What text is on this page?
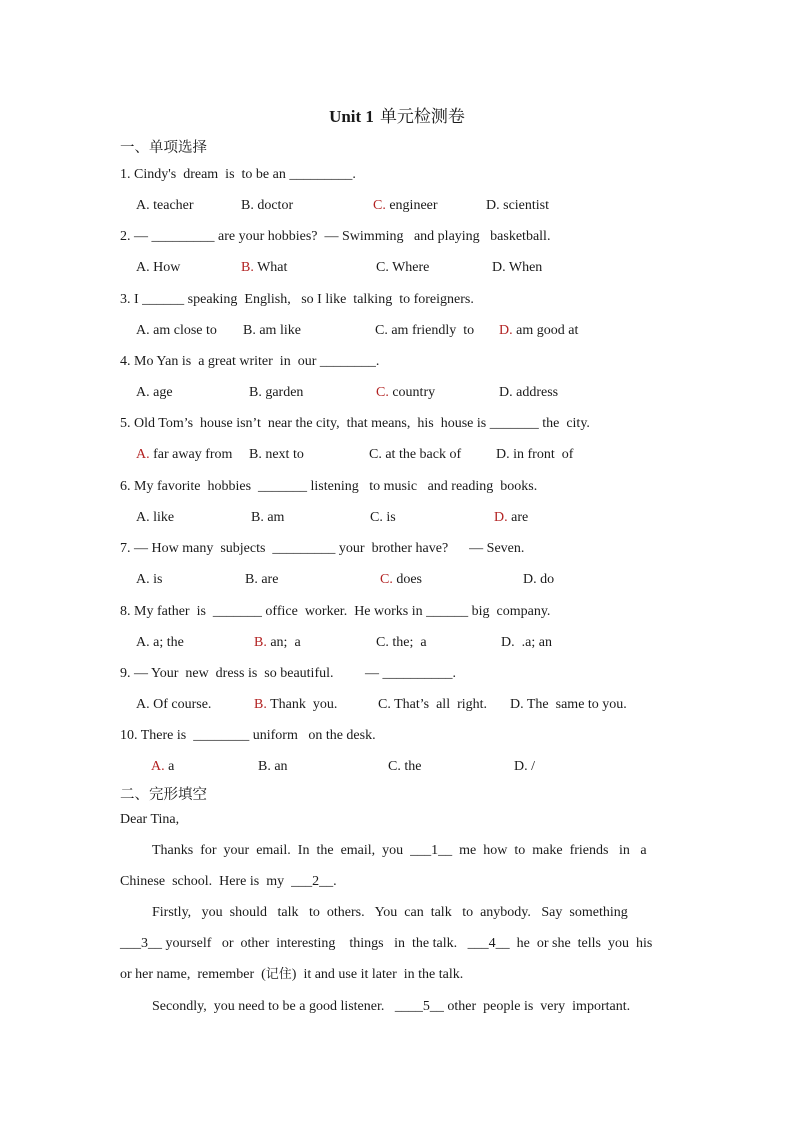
Unit 1 单元检测卷
一、单项选择
1. Cindy's  dream  is  to be an _________.
A. teacher	B. doctor	C. engineer	D. scientist
2. — _________ are your hobbies?  — Swimming   and playing   basketball.
A. How	B. What	C. Where	D. When
3. I ______ speaking  English,   so I like  talking  to foreigners.
A. am close to B. am like	C. am friendly  to D. am good at
4. Mo Yan is  a great writer  in  our ________.
A. age	B. garden	C. country	D. address
5. Old Tom’s  house isn’t  near the city,  that means,  his  house is _______ the  city.
A. far away from B. next to	C. at the back of D. in front  of
6. My favorite  hobbies  _______ listening   to music   and reading  books.
A. like	B. am	C. is	D. are
7. — How many  subjects  _________ your  brother have?      — Seven.
A. is	B. are	C. does	D. do
8. My father  is  _______ office  worker.  He works in ______ big  company.
A. a; the	B. an;  a	C. the;  a	D.  .a; an
9. — Your  new  dress is  so beautiful.         — __________.
A. Of course.	B. Thank  you.	C. That’s  all  right. D. The  same to you.
10. There is  ________ uniform   on the desk.
A. a	B. an	C. the	D. /
二、完形填空
Dear Tina,
Thanks  for  your  email.  In  the  email,  you  ___1__  me  how  to  make  friends   in   a
Chinese  school.  Here is  my  ___2__.
Firstly,   you  should   talk   to  others.   You  can  talk   to  anybody.   Say  something
___3__ yourself   or  other  interesting    things   in  the talk.   ___4__  he  or she  tells  you  his
or her name,  remember  (记住)  it and use it later  in the talk.
Secondly,  you need to be a good listener.   ____5__ other  people is  very  important.
